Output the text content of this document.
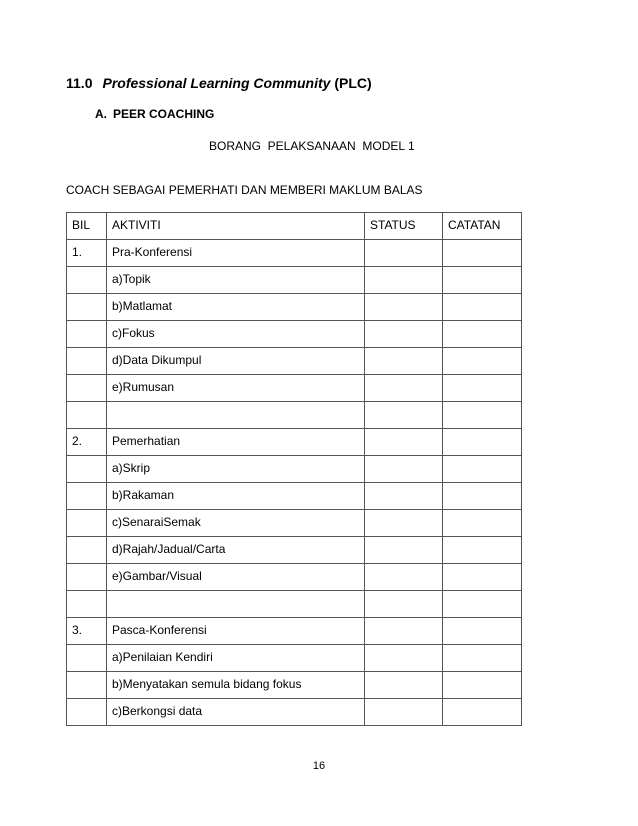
11.0 Professional Learning Community (PLC)
A. PEER COACHING
BORANG  PELAKSANAAN  MODEL 1
COACH SEBAGAI PEMERHATI DAN MEMBERI MAKLUM BALAS
BIL	AKTIVITI	STATUS	CATATAN
1.	Pra-Konferensi		
	a)Topik		
	b)Matlamat		
	c)Fokus		
	d)Data Dikumpul		
	e)Rumusan		

2.	Pemerhatian		
	a)Skrip		
	b)Rakaman		
	c)SenaraiSemak		
	d)Rajah/Jadual/Carta		
	e)Gambar/Visual		

3.	Pasca-Konferensi		
	a)Penilaian Kendiri		
	b)Menyatakan semula bidang fokus		
	c)Berkongsi data		
16
